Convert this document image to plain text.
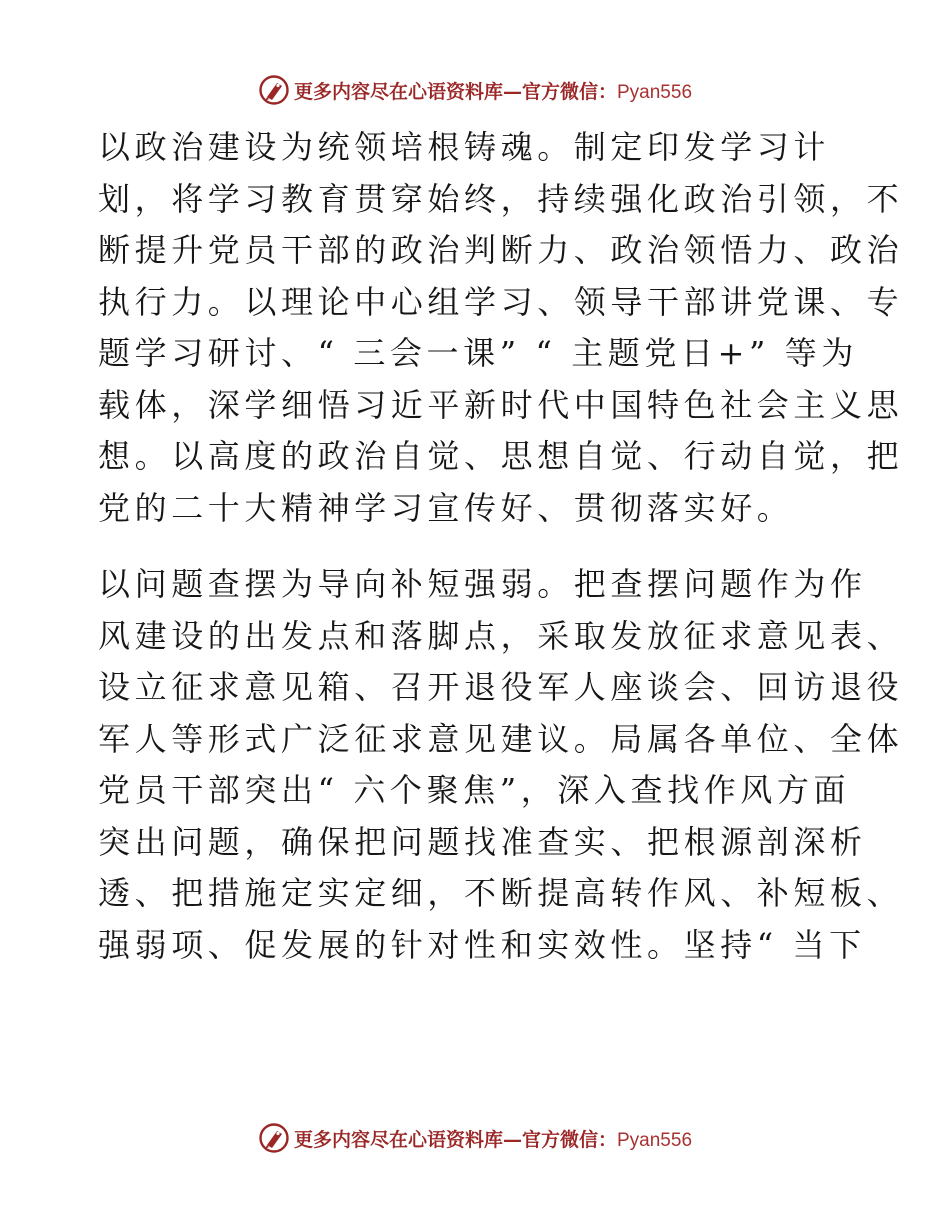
更多内容尽在心语资料库—官方微信：Pyan556

以政治建设为统领培根铸魂。制定印发学习计
划，将学习教育贯穿始终，持续强化政治引领，不
断提升党员干部的政治判断力、政治领悟力、政治
执行力。以理论中心组学习、领导干部讲党课、专
题学习研讨、“ 三会一课” “ 主题党日+” 等为
载体，深学细悟习近平新时代中国特色社会主义思
想。以高度的政治自觉、思想自觉、行动自觉，把
党的二十大精神学习宣传好、贯彻落实好。

以问题查摆为导向补短强弱。把查摆问题作为作
风建设的出发点和落脚点，采取发放征求意见表、
设立征求意见箱、召开退役军人座谈会、回访退役
军人等形式广泛征求意见建议。局属各单位、全体
党员干部突出“ 六个聚焦”，深入查找作风方面
突出问题，确保把问题找准查实、把根源剖深析
透、把措施定实定细，不断提高转作风、补短板、
强弱项、促发展的针对性和实效性。坚持“ 当下

更多内容尽在心语资料库—官方微信：Pyan556
